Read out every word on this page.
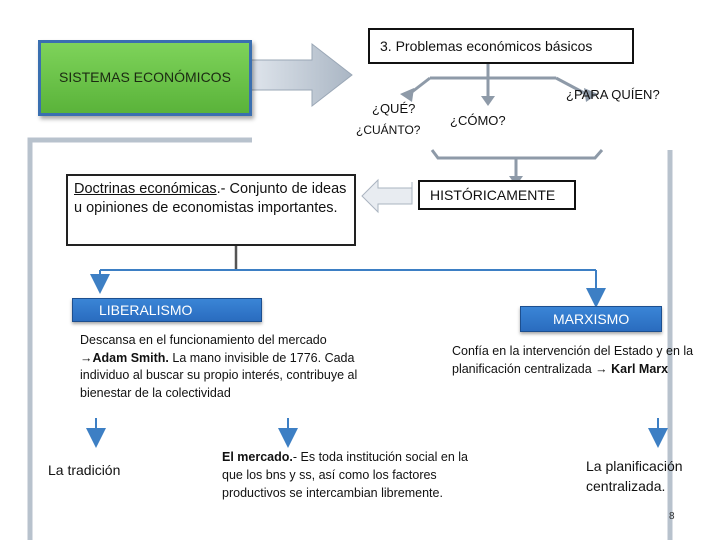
3. Problemas económicos básicos
SISTEMAS ECONÓMICOS
¿QUÉ?
¿CUÁNTO?
¿CÓMO?
¿PARA QUÍEN?
Doctrinas económicas.- Conjunto de ideas u opiniones de economistas importantes.
HISTÓRICAMENTE
LIBERALISMO
MARXISMO
Descansa en el funcionamiento del mercado →Adam Smith. La mano invisible de 1776. Cada individuo al buscar su propio interés, contribuye al bienestar de la colectividad
Confía en la intervención del Estado y en la planificación centralizada → Karl Marx
La tradición
El mercado.- Es toda institución social en la que los bns y ss, así como los factores productivos se intercambian libremente.
La planificación centralizada.
8
